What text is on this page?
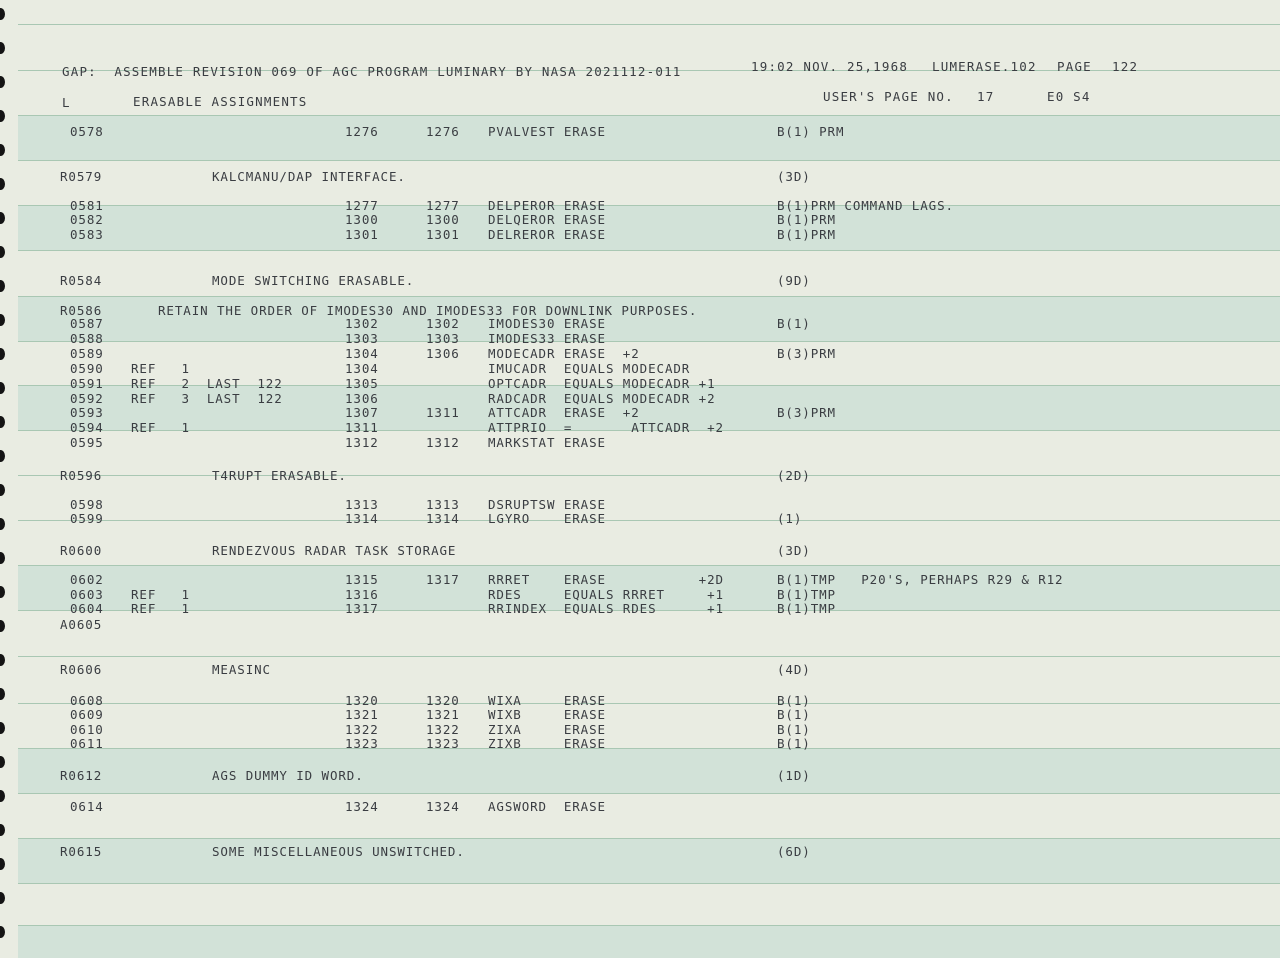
GAP:  ASSEMBLE REVISION 069 OF AGC PROGRAM LUMINARY BY NASA 2021112-011	19:02 NOV. 25,1968 LUMERASE.102 PAGE 122
L	ERASABLE ASSIGNMENTS	USER'S PAGE NO. 17	E0 S4
0578	1276	1276 PVALVEST ERASE	B(1) PRM
R0579	KALCMANU/DAP INTERFACE.	(3D)
0581	1277	1277 DELPEROR ERASE	B(1)PRM COMMAND LAGS.
0582	1300	1300 DELQEROR ERASE	B(1)PRM
0583	1301	1301 DELREROR ERASE	B(1)PRM
R0584	MODE SWITCHING ERASABLE.	(9D)
R0586	RETAIN THE ORDER OF IMODES30 AND IMODES33 FOR DOWNLINK PURPOSES.
0587	1302	1302 IMODES30 ERASE	B(1)
0588	1303	1303 IMODES33 ERASE
0589	1304	1306 MODECADR ERASE  +2	B(3)PRM
0590 REF   1	1304	IMUCADR  EQUALS MODECADR
0591 REF   2  LAST  122	1305	OPTCADR  EQUALS MODECADR +1
0592 REF   3  LAST  122	1306	RADCADR  EQUALS MODECADR +2
0593	1307	1311 ATTCADR  ERASE  +2	B(3)PRM
0594 REF   1	1311	ATTPRIO  =       ATTCADR  +2
0595	1312	1312 MARKSTAT ERASE
R0596	T4RUPT ERASABLE.	(2D)
0598	1313	1313 DSRUPTSW ERASE
0599	1314	1314 LGYRO    ERASE	(1)
R0600	RENDEZVOUS RADAR TASK STORAGE	(3D)
0602	1315	1317 RRRET    ERASE           +2D	B(1)TMP   P20'S, PERHAPS R29 & R12
0603 REF   1	1316	RDES     EQUALS RRRET     +1	B(1)TMP
0604 REF   1	1317	RRINDEX  EQUALS RDES      +1	B(1)TMP
A0605
R0606	MEASINC	(4D)
0608	1320	1320 WIXA     ERASE	B(1)
0609	1321	1321 WIXB     ERASE	B(1)
0610	1322	1322 ZIXA     ERASE	B(1)
0611	1323	1323 ZIXB     ERASE	B(1)
R0612	AGS DUMMY ID WORD.	(1D)
0614	1324	1324 AGSWORD  ERASE
R0615	SOME MISCELLANEOUS UNSWITCHED.	(6D)
